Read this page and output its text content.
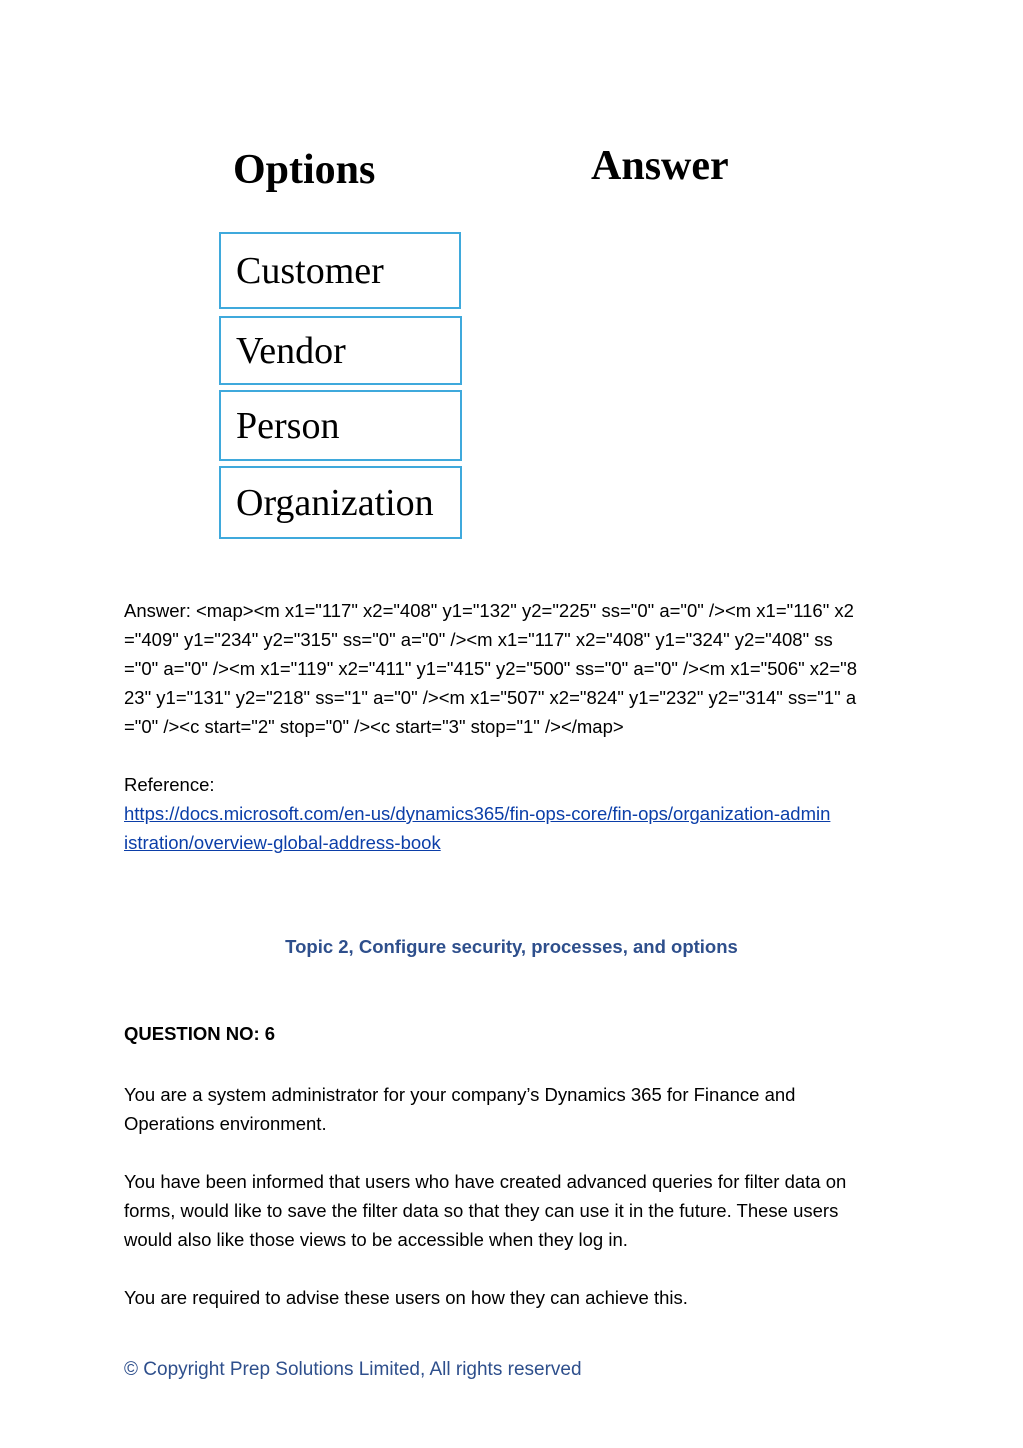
Options	Answer
Customer
Vendor
Person
Organization
Answer: <map><m x1="117" x2="408" y1="132" y2="225" ss="0" a="0" /><m x1="116" x2="409" y1="234" y2="315" ss="0" a="0" /><m x1="117" x2="408" y1="324" y2="408" ss="0" a="0" /><m x1="119" x2="411" y1="415" y2="500" ss="0" a="0" /><m x1="506" x2="823" y1="131" y2="218" ss="1" a="0" /><m x1="507" x2="824" y1="232" y2="314" ss="1" a="0" /><c start="2" stop="0" /><c start="3" stop="1" /></map>
Reference:
https://docs.microsoft.com/en-us/dynamics365/fin-ops-core/fin-ops/organization-administration/overview-global-address-book
Topic 2, Configure security, processes, and options
QUESTION NO: 6
You are a system administrator for your company’s Dynamics 365 for Finance and Operations environment.
You have been informed that users who have created advanced queries for filter data on forms, would like to save the filter data so that they can use it in the future. These users would also like those views to be accessible when they log in.
You are required to advise these users on how they can achieve this.
© Copyright Prep Solutions Limited, All rights reserved
